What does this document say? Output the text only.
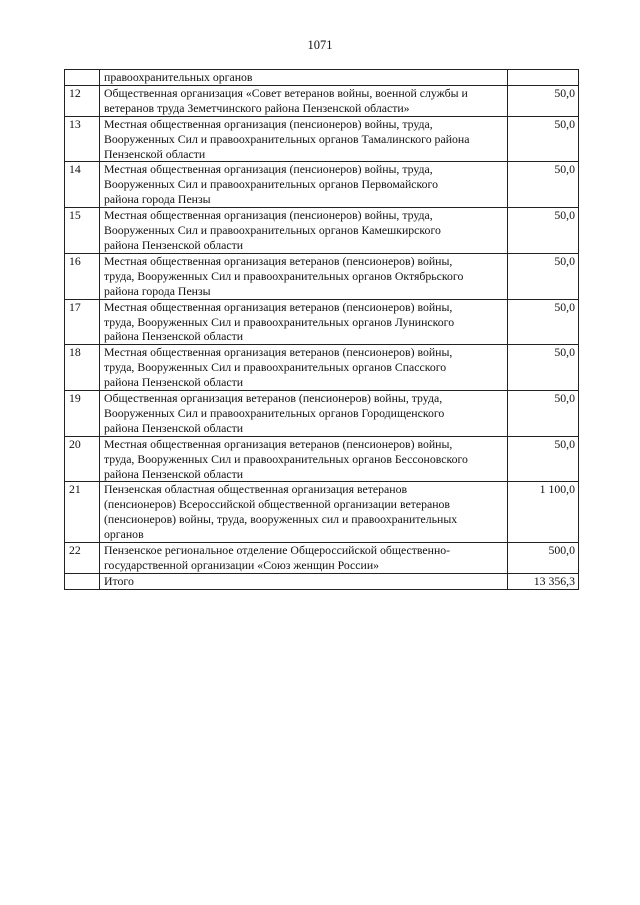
1071

	правоохранительных органов	

12	Общественная организация «Совет ветеранов войны, военной службы и
ветеранов труда Земетчинского района Пензенской области»	50,0
13	Местная общественная организация (пенсионеров) войны, труда,
Вооруженных Сил и правоохранительных органов Тамалинского района
Пензенской области	50,0
14	Местная общественная организация (пенсионеров) войны, труда,
Вооруженных Сил и правоохранительных органов Первомайского
района города Пензы	50,0
15	Местная общественная организация (пенсионеров) войны, труда,
Вооруженных Сил и правоохранительных органов Камешкирского
района Пензенской области	50,0
16	Местная общественная организация ветеранов (пенсионеров) войны,
труда, Вооруженных Сил и правоохранительных органов Октябрьского
района города Пензы	50,0
17	Местная общественная организация ветеранов (пенсионеров) войны,
труда, Вооруженных Сил и правоохранительных органов Лунинского
района Пензенской области	50,0
18	Местная общественная организация ветеранов (пенсионеров) войны,
труда, Вооруженных Сил и правоохранительных органов Спасского
района Пензенской области	50,0
19	Общественная организация ветеранов (пенсионеров) войны, труда,
Вооруженных Сил и правоохранительных органов Городищенского
района Пензенской области	50,0
20	Местная общественная организация ветеранов (пенсионеров) войны,
труда, Вооруженных Сил и правоохранительных органов Бессоновского
района Пензенской области	50,0
21	Пензенская областная общественная организация ветеранов
(пенсионеров) Всероссийской общественной организации ветеранов
(пенсионеров) войны, труда, вооруженных сил и правоохранительных
органов	1 100,0
22	Пензенское региональное отделение Общероссийской общественно-
государственной организации «Союз женщин России»	500,0

	Итого	13 356,3
